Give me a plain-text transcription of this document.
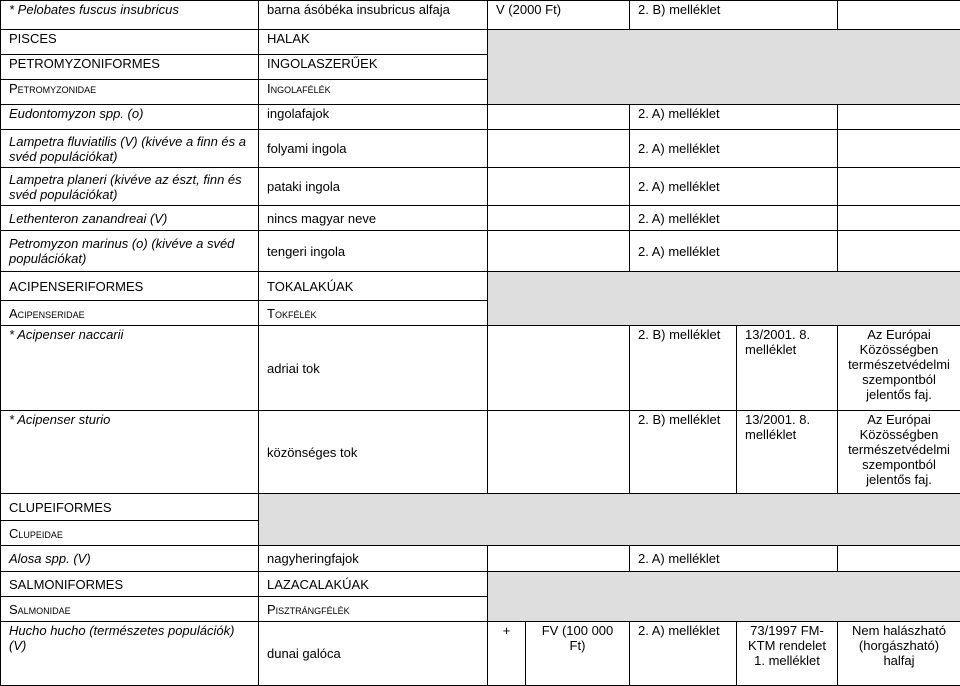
* Pelobates fuscus insubricus	barna ásóbéka insubricus alfaja	V (2000 Ft)		2. B) melléklet		
PISCES	HALAK					
PETROMYZONIFORMES	INGOLASZERŰEK					
Petromyzonidae	Ingolafélék					
Eudontomyzon spp. (o)	ingolafajok			2. A) melléklet		
Lampetra fluviatilis (V) (kivéve a finn és a svéd populációkat)	folyami ingola			2. A) melléklet		
Lampetra planeri (kivéve az észt, finn és svéd populációkat)	pataki ingola			2. A) melléklet		
Lethenteron zanandreai (V)	nincs magyar neve			2. A) melléklet		
Petromyzon marinus (o) (kivéve a svéd populációkat)	tengeri ingola			2. A) melléklet		
ACIPENSERIFORMES	TOKALAKÚAK					
Acipenseridae	Tokfélék					
* Acipenser naccarii	adriai tok			2. B) melléklet	13/2001. 8. melléklet	Az Európai Közösségben természetvédelmi szempontból jelentős faj.
* Acipenser sturio	közönséges tok			2. B) melléklet	13/2001. 8. melléklet	Az Európai Közösségben természetvédelmi szempontból jelentős faj.
CLUPEIFORMES						
Clupeidae						
Alosa spp. (V)	nagyheringfajok			2. A) melléklet		
SALMONIFORMES	LAZACALAKÚAK					
Salmonidae	Pisztrángfélék					
Hucho hucho (természetes populációk) (V)	dunai galóca	+	FV (100 000 Ft)	2. A) melléklet	73/1997 FM-KTM rendelet 1. melléklet	Nem halászható (horgászható) halfaj
